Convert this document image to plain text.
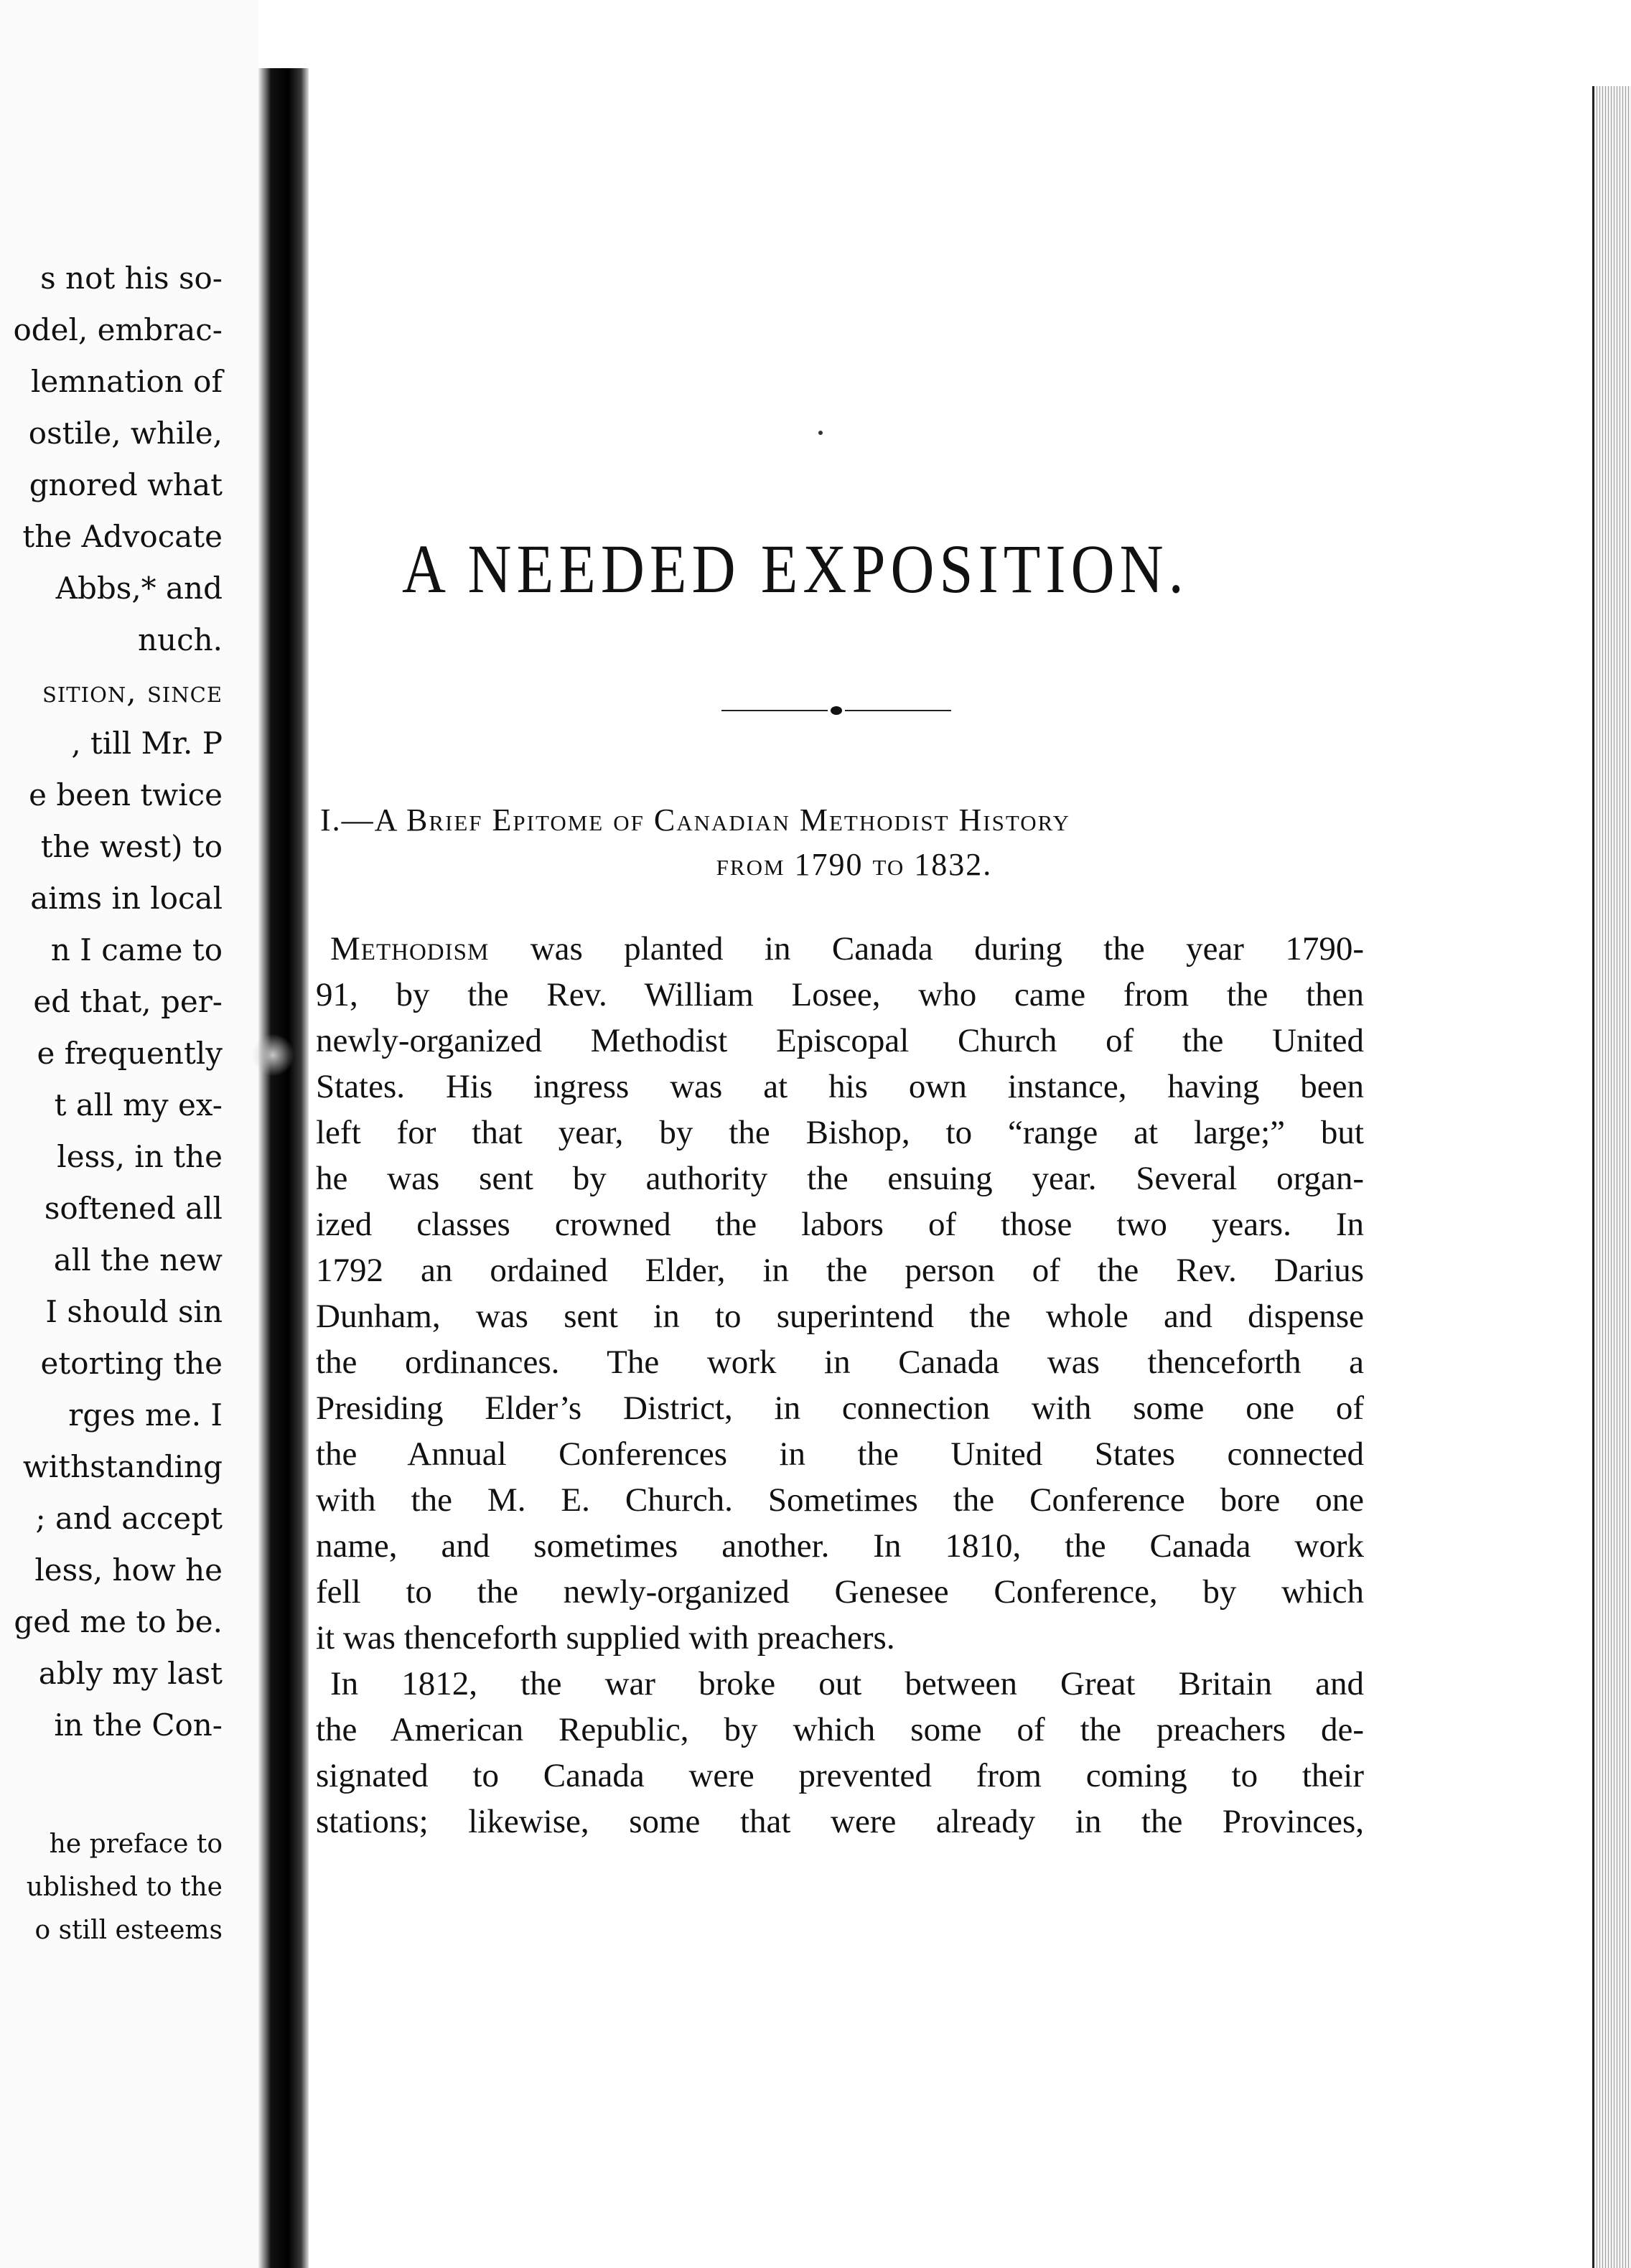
s not his so-
odel, embrac-
lemnation of
ostile, while,
gnored what
the Advocate
Abbs,* and
nuch.
sition, since
, till Mr. P
e been twice
the west) to
aims in local
n I came to
ed that, per-
e frequently
t all my ex-
less, in the
softened all
all the new
I should sin
etorting the
rges me. I
withstanding
; and accept
less, how he
ged me to be.
ably my last
in the Con-
he preface to
ublished to the
o still esteems
A NEEDED EXPOSITION.
I.—A Brief Epitome of Canadian Methodist History
from 1790 to 1832.
Methodism was planted in Canada during the year 1790-
91, by the Rev. William Losee, who came from the then
newly-organized Methodist Episcopal Church of the United
States. His ingress was at his own instance, having been
left for that year, by the Bishop, to “range at large;” but
he was sent by authority the ensuing year. Several organ-
ized classes crowned the labors of those two years. In
1792 an ordained Elder, in the person of the Rev. Darius
Dunham, was sent in to superintend the whole and dispense
the ordinances. The work in Canada was thenceforth a
Presiding Elder’s District, in connection with some one of
the Annual Conferences in the United States connected
with the M. E. Church. Sometimes the Conference bore one
name, and sometimes another. In 1810, the Canada work
fell to the newly-organized Genesee Conference, by which
it was thenceforth supplied with preachers.
In 1812, the war broke out between Great Britain and
the American Republic, by which some of the preachers de-
signated to Canada were prevented from coming to their
stations; likewise, some that were already in the Provinces,
